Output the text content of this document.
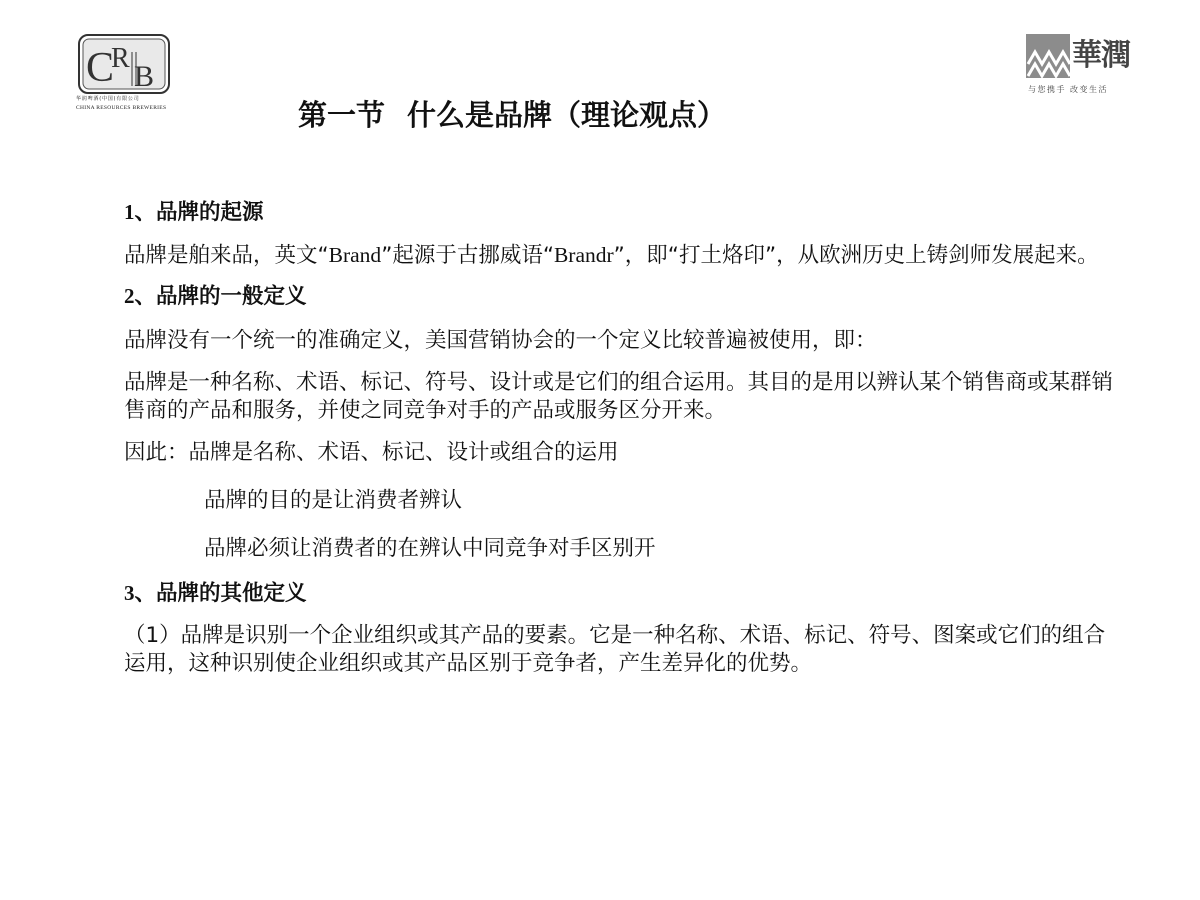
C
R
B
华润啤酒(中国)有限公司
CHINA RESOURCES BREWERIES
華潤
与您携手 改变生活
第一节 什么是品牌（理论观点）

1、品牌的起源

品牌是舶来品，英文“Brand”起源于古挪威语“Brandr”，即“打土烙印”，从欧洲历史上铸剑师发展起来。

2、品牌的一般定义

品牌没有一个统一的准确定义，美国营销协会的一个定义比较普遍被使用，即：

品牌是一种名称、术语、标记、符号、设计或是它们的组合运用。其目的是用以辨认某个销售商或某群销售商的产品和服务，并使之同竞争对手的产品或服务区分开来。

因此：品牌是名称、术语、标记、设计或组合的运用

品牌的目的是让消费者辨认

品牌必须让消费者的在辨认中同竞争对手区别开

3、品牌的其他定义

（1）品牌是识别一个企业组织或其产品的要素。它是一种名称、术语、标记、符号、图案或它们的组合运用，这种识别使企业组织或其产品区别于竞争者，产生差异化的优势。
